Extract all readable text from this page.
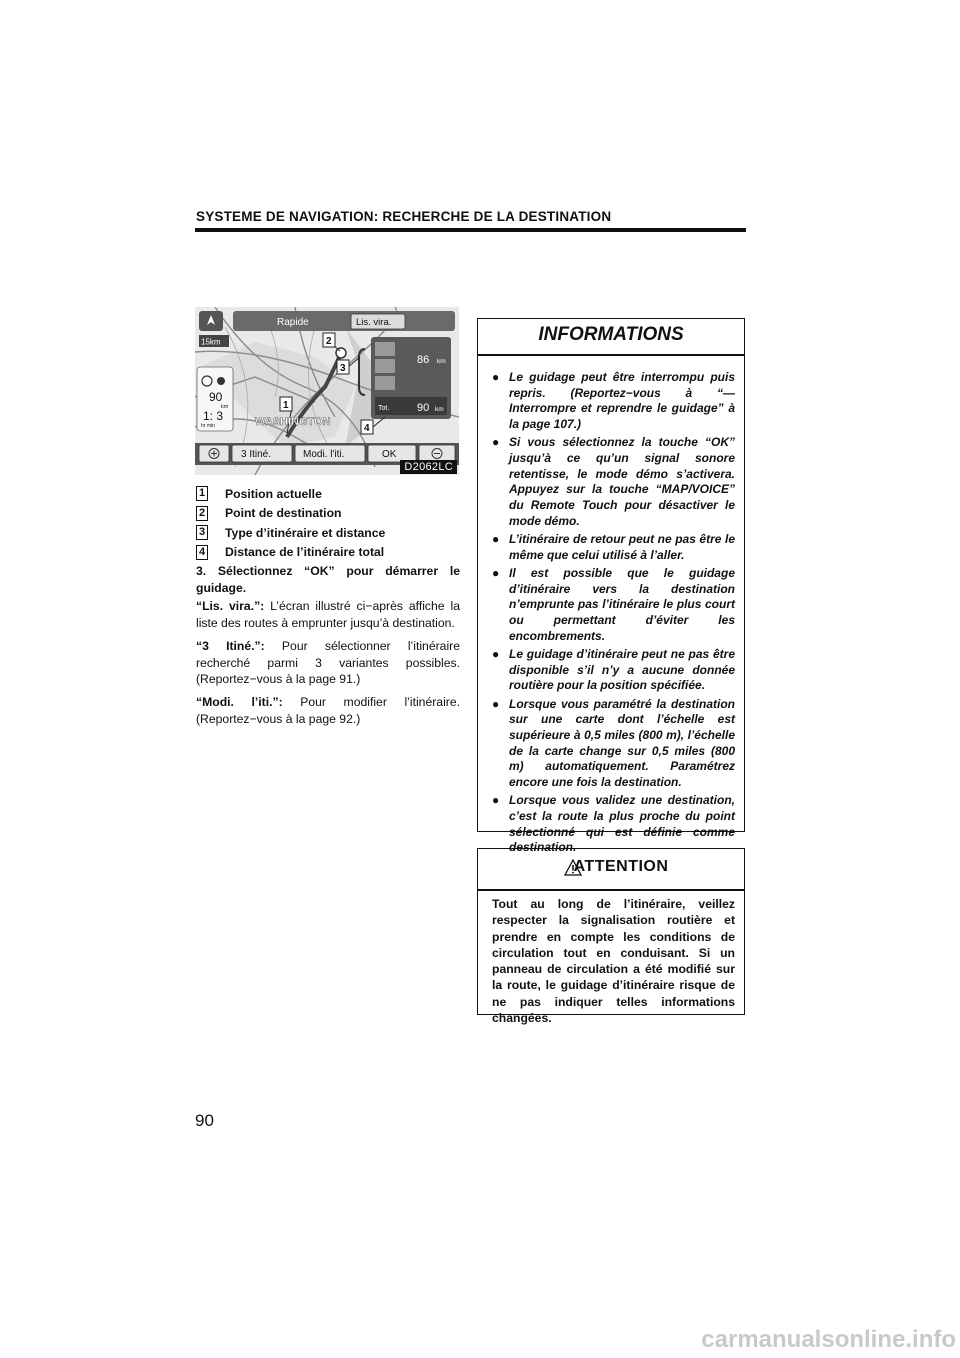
SYSTEME DE NAVIGATION: RECHERCHE DE LA DESTINATION
Rapide	Lis. vira.
15km
90
km
1: 3
hr min	WASHINGTON
86 km
Tot.	90 km
3 Itiné.	Modi. l'iti.	OK
2
3
4
1
D2062LC
1 Position actuelle
2 Point de destination
3 Type d’itinéraire et distance
4 Distance de l’itinéraire total
3. Sélectionnez “OK” pour démarrer le guidage.
“Lis. vira.”: L’écran illustré ci−après affiche la liste des routes à emprunter jusqu’à destination.
“3 Itiné.”: Pour sélectionner l’itinéraire recherché parmi 3 variantes possibles. (Reportez−vous à la page 91.)
“Modi. l’iti.”: Pour modifier l’itinéraire. (Reportez−vous à la page 92.)
INFORMATIONS
● Le guidage peut être interrompu puis repris. (Reportez−vous à “— Interrompre et reprendre le guidage” à la page 107.)
● Si vous sélectionnez la touche “OK” jusqu’à ce qu’un signal sonore retentisse, le mode démo s’activera. Appuyez sur la touche “MAP/VOICE” du Remote Touch pour désactiver le mode démo.
● L’itinéraire de retour peut ne pas être le même que celui utilisé à l’aller.
● Il est possible que le guidage d’itinéraire vers la destination n’emprunte pas l’itinéraire le plus court ou permettant d’éviter les encombrements.
● Le guidage d’itinéraire peut ne pas être disponible s’il n’y a aucune donnée routière pour la position spécifiée.
● Lorsque vous paramétré la destination sur une carte dont l’échelle est supérieure à 0,5 miles (800 m), l’échelle de la carte change sur 0,5 miles (800 m) automatiquement. Paramétrez encore une fois la destination.
● Lorsque vous validez une destination, c’est la route la plus proche du point sélectionné qui est définie comme destination.
ATTENTION
Tout au long de l’itinéraire, veillez respecter la signalisation routière et prendre en compte les conditions de circulation tout en conduisant. Si un panneau de circulation a été modifié sur la route, le guidage d’itinéraire risque de ne pas indiquer telles informations changées.
90
carmanualsonline.info
